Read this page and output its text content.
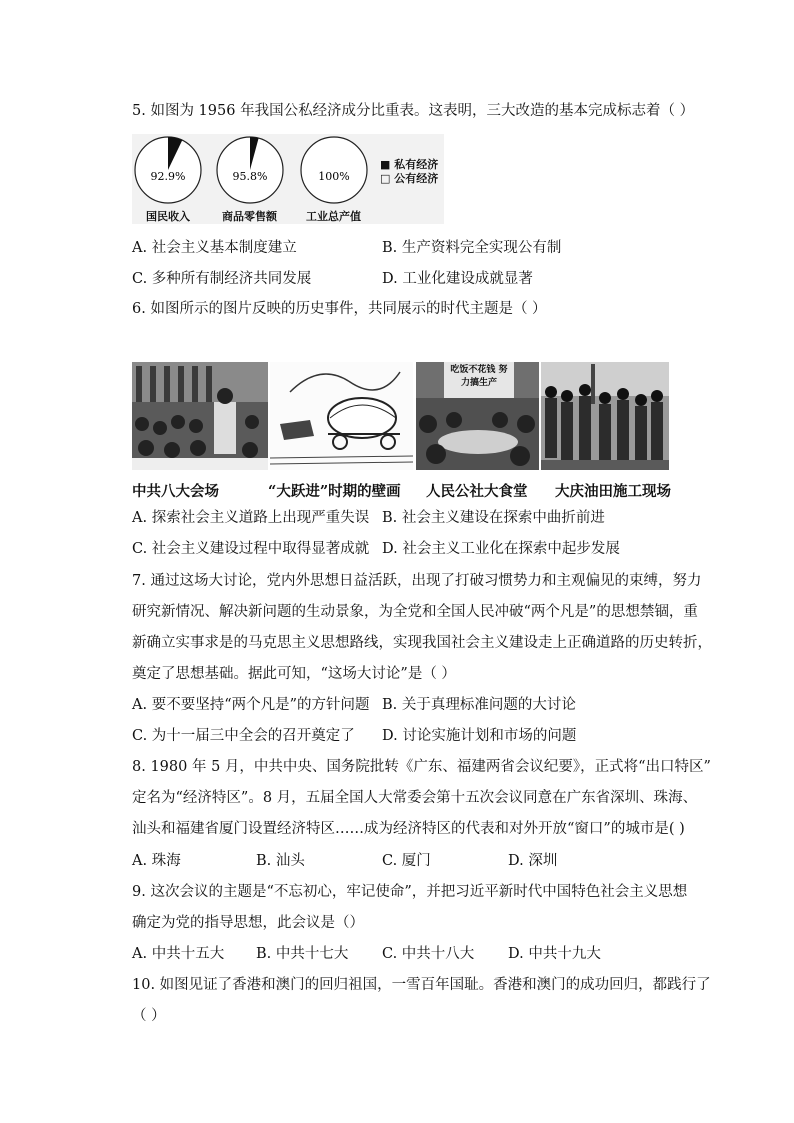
5. 如图为 1956 年我国公私经济成分比重表。这表明，三大改造的基本完成标志着（ ）
92.9%	95.8%	100%
国民收入	商品零售额	工业总产值
■ 私有经济
□ 公有经济
A. 社会主义基本制度建立	B. 生产资料完全实现公有制
C. 多种所有制经济共同发展	D. 工业化建设成就显著
6. 如图所示的图片反映的历史事件，共同展示的时代主题是（ ）
吃饭不花钱 努力搞生产
中共八大会场	“大跃进”时期的壁画 人民公社大食堂 大庆油田施工现场
A. 探索社会主义道路上出现严重失误 B. 社会主义建设在探索中曲折前进
C. 社会主义建设过程中取得显著成就 D. 社会主义工业化在探索中起步发展
7. 通过这场大讨论，党内外思想日益活跃，出现了打破习惯势力和主观偏见的束缚，努力
研究新情况、解决新问题的生动景象，为全党和全国人民冲破“两个凡是”的思想禁锢，重
新确立实事求是的马克思主义思想路线，实现我国社会主义建设走上正确道路的历史转折，
奠定了思想基础。据此可知，“这场大讨论”是（ ）
A. 要不要坚持“两个凡是”的方针问题 B. 关于真理标准问题的大讨论
C. 为十一届三中全会的召开奠定了 D. 讨论实施计划和市场的问题
8. 1980 年 5 月，中共中央、国务院批转《广东、福建两省会议纪要》，正式将“出口特区”
定名为“经济特区”。8 月，五届全国人大常委会第十五次会议同意在广东省深圳、珠海、
汕头和福建省厦门设置经济特区……成为经济特区的代表和对外开放“窗口”的城市是( )
A. 珠海	B. 汕头	C. 厦门	D. 深圳
9. 这次会议的主题是“不忘初心，牢记使命”，并把习近平新时代中国特色社会主义思想
确定为党的指导思想，此会议是（）
A. 中共十五大 B. 中共十七大 C. 中共十八大 D. 中共十九大
10. 如图见证了香港和澳门的回归祖国，一雪百年国耻。香港和澳门的成功回归，都践行了
（ ）
